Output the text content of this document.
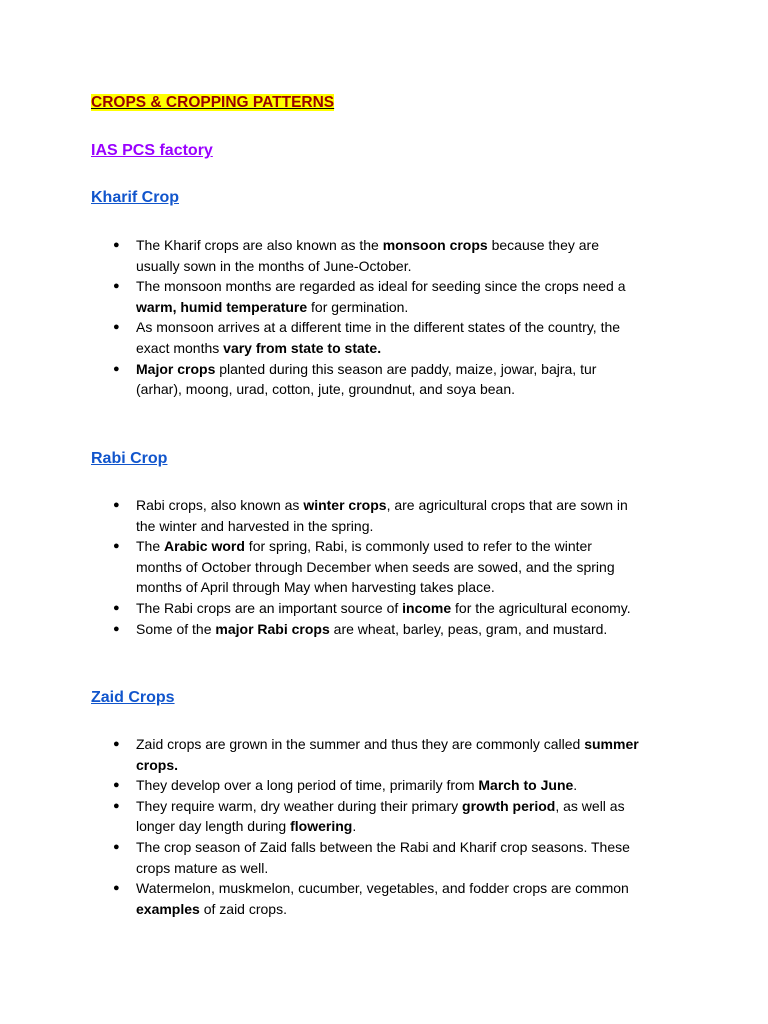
CROPS & CROPPING PATTERNS
IAS PCS factory
Kharif Crop
● The Kharif crops are also known as the monsoon crops because they are
usually sown in the months of June-October.
● The monsoon months are regarded as ideal for seeding since the crops need a
warm, humid temperature for germination.
● As monsoon arrives at a different time in the different states of the country, the
exact months vary from state to state.
● Major crops planted during this season are paddy, maize, jowar, bajra, tur
(arhar), moong, urad, cotton, jute, groundnut, and soya bean.
Rabi Crop
● Rabi crops, also known as winter crops, are agricultural crops that are sown in
the winter and harvested in the spring.
● The Arabic word for spring, Rabi, is commonly used to refer to the winter
months of October through December when seeds are sowed, and the spring
months of April through May when harvesting takes place.
● The Rabi crops are an important source of income for the agricultural economy.
● Some of the major Rabi crops are wheat, barley, peas, gram, and mustard.
Zaid Crops
● Zaid crops are grown in the summer and thus they are commonly called summer
crops.
● They develop over a long period of time, primarily from March to June.
● They require warm, dry weather during their primary growth period, as well as
longer day length during flowering.
● The crop season of Zaid falls between the Rabi and Kharif crop seasons. These
crops mature as well.
● Watermelon, muskmelon, cucumber, vegetables, and fodder crops are common
examples of zaid crops.
